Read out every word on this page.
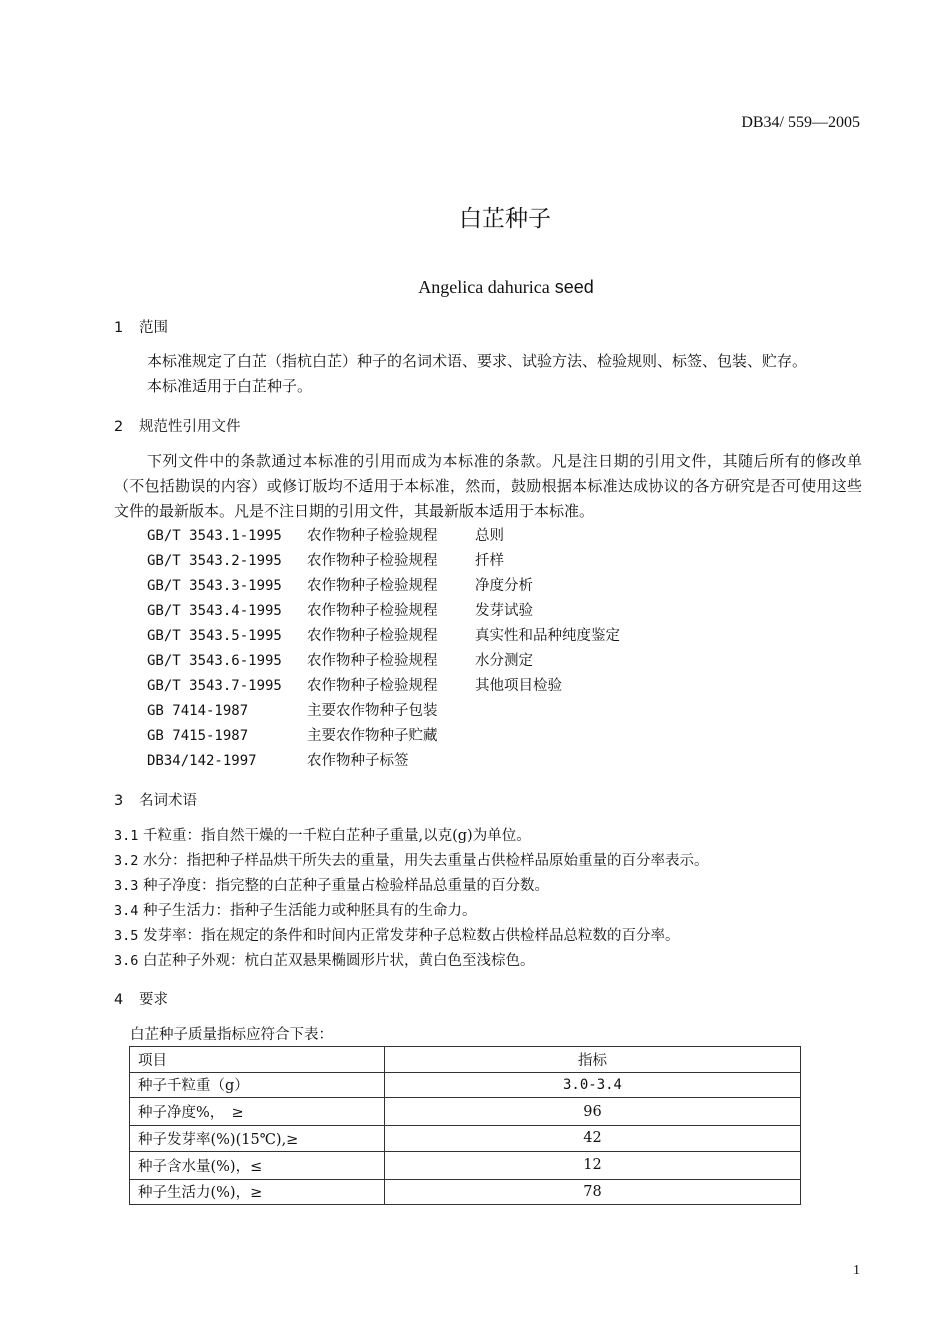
DB34/ 559—2005
白芷种子
Angelica dahurica seed
1 范围
本标准规定了白芷（指杭白芷）种子的名词术语、要求、试验方法、检验规则、标签、包装、贮存。
本标准适用于白芷种子。
2 规范性引用文件
下列文件中的条款通过本标准的引用而成为本标准的条款。凡是注日期的引用文件，其随后所有的修改单（不包括勘误的内容）或修订版均不适用于本标准，然而，鼓励根据本标准达成协议的各方研究是否可使用这些文件的最新版本。凡是不注日期的引用文件，其最新版本适用于本标准。
GB/T 3543.1-1995 农作物种子检验规程	总则
GB/T 3543.2-1995 农作物种子检验规程	扦样
GB/T 3543.3-1995 农作物种子检验规程	净度分析
GB/T 3543.4-1995 农作物种子检验规程	发芽试验
GB/T 3543.5-1995 农作物种子检验规程	真实性和品种纯度鉴定
GB/T 3543.6-1995 农作物种子检验规程	水分测定
GB/T 3543.7-1995 农作物种子检验规程	其他项目检验
GB 7414-1987	主要农作物种子包装
GB 7415-1987	主要农作物种子贮藏
DB34/142-1997	农作物种子标签
3 名词术语
3.1 千粒重：指自然干燥的一千粒白芷种子重量,以克(g)为单位。
3.2 水分：指把种子样品烘干所失去的重量，用失去重量占供检样品原始重量的百分率表示。
3.3 种子净度：指完整的白芷种子重量占检验样品总重量的百分数。
3.4 种子生活力：指种子生活能力或种胚具有的生命力。
3.5 发芽率：指在规定的条件和时间内正常发芽种子总粒数占供检样品总粒数的百分率。
3.6 白芷种子外观：杭白芷双悬果椭圆形片状，黄白色至浅棕色。
4 要求
白芷种子质量指标应符合下表：
项目	指标
种子千粒重（g）	3.0-3.4
种子净度%，　≥	96
种子发芽率(%)(15℃),≥	42
种子含水量(%)，≤	12
种子生活力(%)，≥	78
1
